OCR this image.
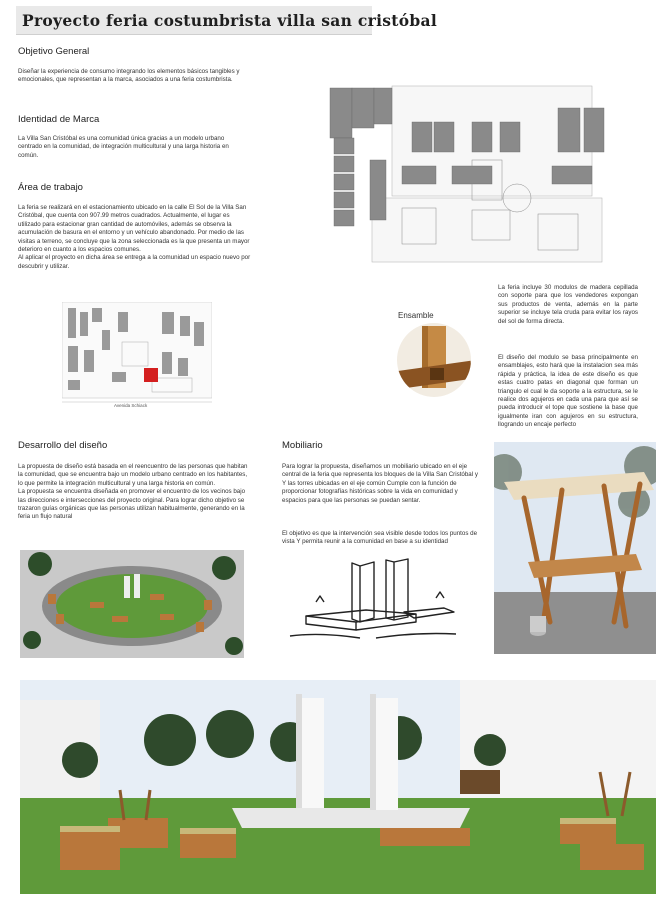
Proyecto feria costumbrista villa san cristóbal
Objetivo General
Diseñar la experiencia de consumo integrando los elementos básicos tangibles y emocionales, que representan a la marca, asociados a una feria costumbrista.
Identidad de Marca
La Villa San Cristóbal es una comunidad única gracias a un modelo urbano centrado en la comunidad, de integración multicultural y una larga historia en común.
Área de trabajo
La feria se realizará en el estacionamiento ubicado en la calle El Sol de la Villa San Cristóbal, que cuenta con 907.99 metros cuadrados. Actualmente, el lugar es utilizado para estacionar gran cantidad de automóviles, además se observa la acumulación de basura en el entorno y un vehículo abandonado. Por medio de las visitas a terreno, se concluye que la zona seleccionada es la que presenta un mayor deterioro en cuanto a los espacios comunes.
Al aplicar el proyecto en dicha área se entrega a la comunidad un espacio nuevo por descubrir y utilizar.
La feria incluye 30 modulos de madera cepillada con soporte para que los vendedores expongan sus productos de venta, además en la parte superior se incluye tela cruda para evitar los rayos del sol de forma directa.
El diseño del modulo se basa principalmente en ensamblajes, esto hará que la instalacion sea más rápida y práctica, la idea de este diseño es que estas cuatro patas en diagonal que forman un triangulo el cual le da soporte a la estructura, se le realice dos agujeros en cada una para que así se pueda introducir el tope que sostiene la base que igualmente iran con agujeros en su estructura, llogrando un encaje perfecto
Ensamble
Avenida Schiack
Desarrollo del diseño
La propuesta de diseño está basada en el reencuentro de las personas que habitan la comunidad, que se encuentra bajo un modelo urbano centrado en los habitantes, lo que permite la integración multicultural y una larga historia en común.
La propuesta se encuentra diseñada en promover el encuentro de los vecinos bajo las direcciones e intersecciones del proyecto original. Para lograr dicho objetivo se trazaron guías orgánicas que las personas utilizan habitualmente, generando en la feria un flujo natural
Mobiliario
Para lograr la propuesta, diseñamos un mobiliario ubicado en el eje central de la feria que representa los bloques de la Villa San Cristóbal y Y las torres ubicadas en el eje común Cumple con la función de proporcionar fotografías históricas sobre la vida en comunidad y espacios para que las personas se puedan sentar.
El objetivo es que la intervención sea visible desde todos los puntos de vista Y permita reunir a la comunidad en base a su identidad
